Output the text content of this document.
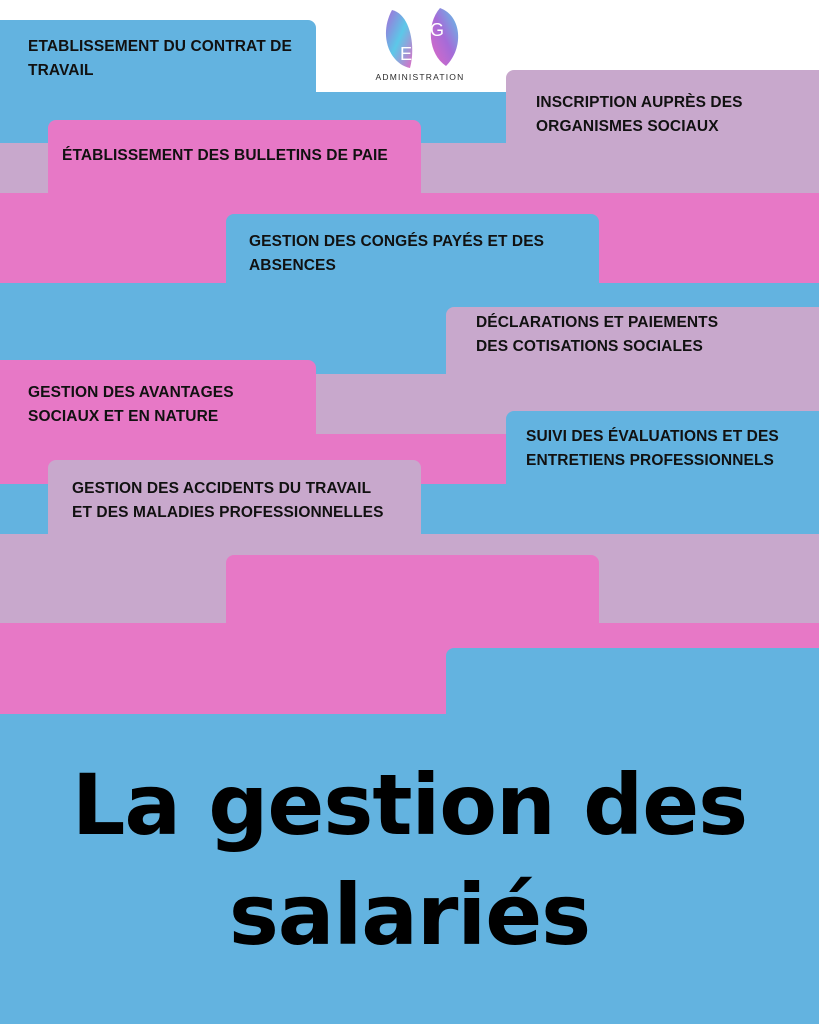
E
G
ADMINISTRATION

ETABLISSEMENT DU CONTRAT DE
TRAVAIL

INSCRIPTION AUPRÈS DES
ORGANISMES SOCIAUX

ÉTABLISSEMENT DES BULLETINS DE PAIE

GESTION DES CONGÉS PAYÉS ET DES
ABSENCES

DÉCLARATIONS ET PAIEMENTS
DES COTISATIONS SOCIALES

GESTION DES AVANTAGES
SOCIAUX ET EN NATURE

SUIVI DES ÉVALUATIONS ET DES
ENTRETIENS PROFESSIONNELS

GESTION DES ACCIDENTS DU TRAVAIL
ET DES MALADIES PROFESSIONNELLES

La gestion des
salariés
